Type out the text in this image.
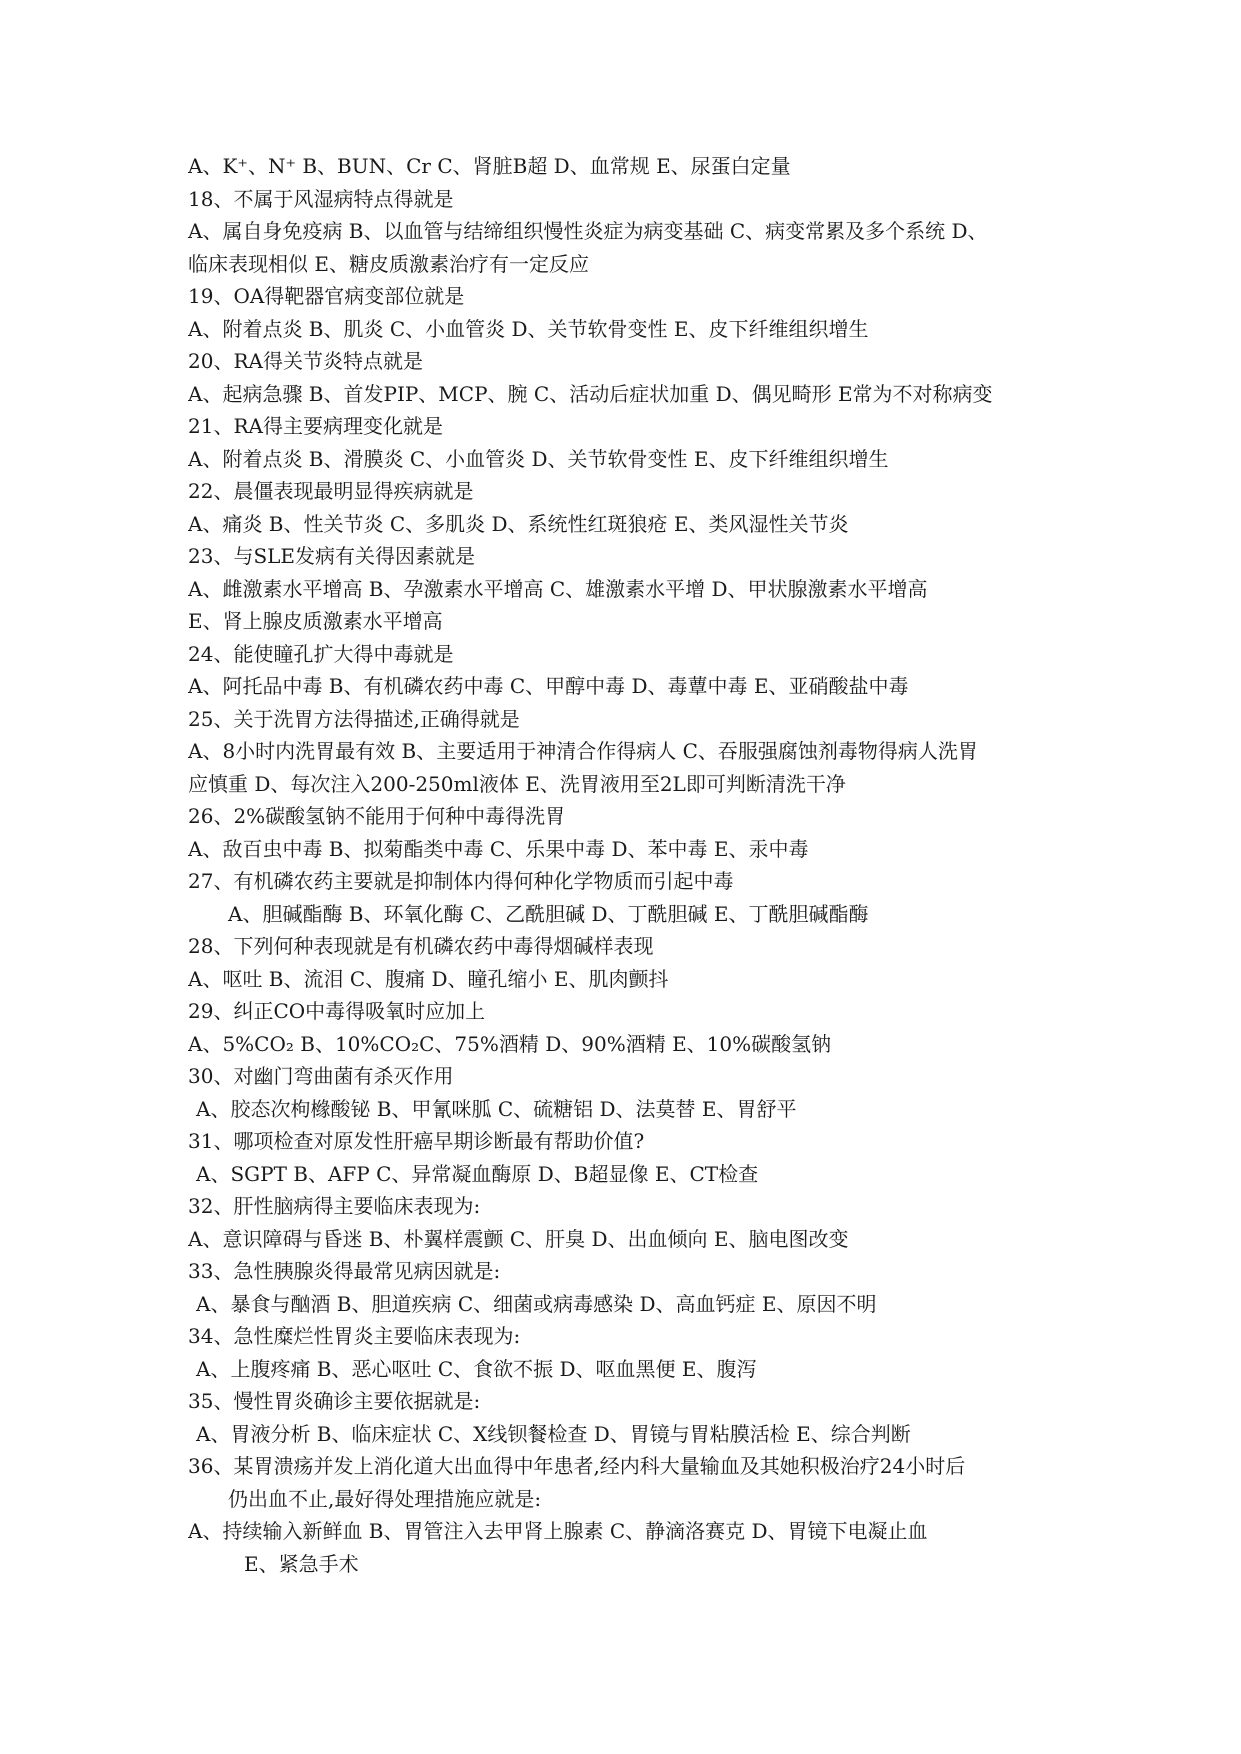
A、K⁺、N⁺ B、BUN、Cr C、肾脏B超 D、血常规 E、尿蛋白定量
18、不属于风湿病特点得就是
A、属自身免疫病 B、以血管与结缔组织慢性炎症为病变基础 C、病变常累及多个系统 D、
临床表现相似 E、糖皮质激素治疗有一定反应
19、OA得靶器官病变部位就是
A、附着点炎 B、肌炎 C、小血管炎 D、关节软骨变性 E、皮下纤维组织增生
20、RA得关节炎特点就是
A、起病急骤 B、首发PIP、MCP、腕 C、活动后症状加重 D、偶见畸形 E常为不对称病变
21、RA得主要病理变化就是
A、附着点炎 B、滑膜炎 C、小血管炎 D、关节软骨变性 E、皮下纤维组织增生
22、晨僵表现最明显得疾病就是
A、痛炎 B、性关节炎 C、多肌炎 D、系统性红斑狼疮 E、类风湿性关节炎
23、与SLE发病有关得因素就是
A、雌激素水平增高 B、孕激素水平增高 C、雄激素水平增 D、甲状腺激素水平增高
E、肾上腺皮质激素水平增高
24、能使瞳孔扩大得中毒就是
A、阿托品中毒 B、有机磷农药中毒 C、甲醇中毒 D、毒蕈中毒 E、亚硝酸盐中毒
25、关于洗胃方法得描述,正确得就是
A、8小时内洗胃最有效 B、主要适用于神清合作得病人 C、吞服强腐蚀剂毒物得病人洗胃
应慎重 D、每次注入200-250ml液体 E、洗胃液用至2L即可判断清洗干净
26、2%碳酸氢钠不能用于何种中毒得洗胃
A、敌百虫中毒 B、拟菊酯类中毒 C、乐果中毒 D、苯中毒 E、汞中毒
27、有机磷农药主要就是抑制体内得何种化学物质而引起中毒
A、胆碱酯酶 B、环氧化酶 C、乙酰胆碱 D、丁酰胆碱 E、丁酰胆碱酯酶
28、下列何种表现就是有机磷农药中毒得烟碱样表现
A、呕吐 B、流泪 C、腹痛 D、瞳孔缩小 E、肌肉颤抖
29、纠正CO中毒得吸氧时应加上
A、5%CO₂ B、10%CO₂C、75%酒精 D、90%酒精 E、10%碳酸氢钠
30、对幽门弯曲菌有杀灭作用
A、胶态次枸橼酸铋 B、甲氰咪胍 C、硫糖铝 D、法莫替 E、胃舒平
31、哪项检查对原发性肝癌早期诊断最有帮助价值?
A、SGPT B、AFP C、异常凝血酶原 D、B超显像 E、CT检查
32、肝性脑病得主要临床表现为:
A、意识障碍与昏迷 B、朴翼样震颤 C、肝臭 D、出血倾向 E、脑电图改变
33、急性胰腺炎得最常见病因就是:
A、暴食与酗酒 B、胆道疾病 C、细菌或病毒感染 D、高血钙症 E、原因不明
34、急性糜烂性胃炎主要临床表现为:
A、上腹疼痛 B、恶心呕吐 C、食欲不振 D、呕血黑便 E、腹泻
35、慢性胃炎确诊主要依据就是:
A、胃液分析 B、临床症状 C、X线钡餐检查 D、胃镜与胃粘膜活检 E、综合判断
36、某胃溃疡并发上消化道大出血得中年患者,经内科大量输血及其她积极治疗24小时后
仍出血不止,最好得处理措施应就是:
A、持续输入新鲜血 B、胃管注入去甲肾上腺素 C、静滴洛赛克 D、胃镜下电凝止血
E、紧急手术
